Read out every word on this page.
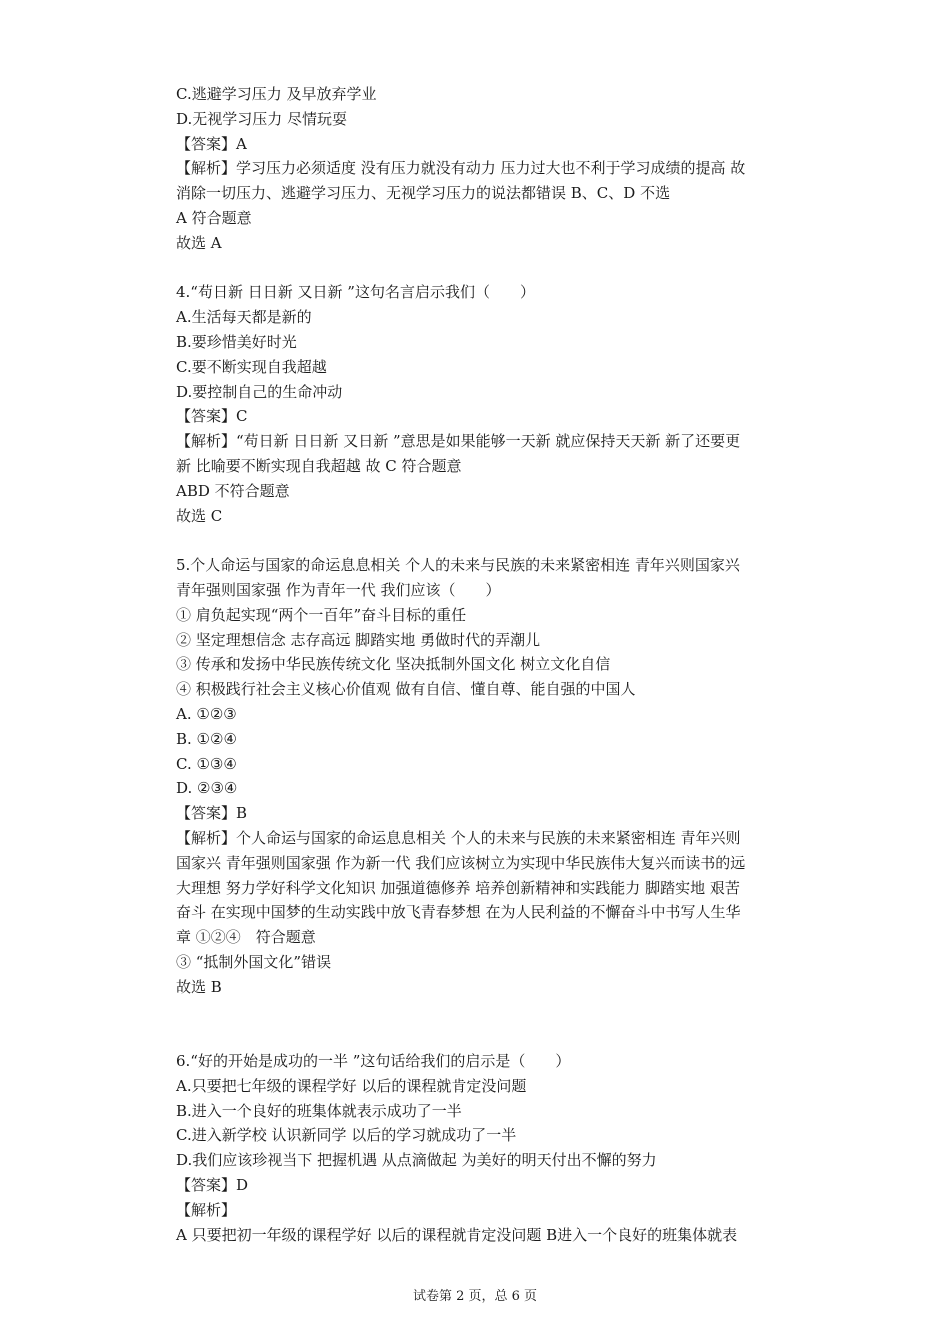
C.逃避学习压力 及早放弃学业

D.无视学习压力 尽情玩耍

【答案】A

【解析】学习压力必须适度 没有压力就没有动力 压力过大也不利于学习成绩的提高 故

消除一切压力、逃避学习压力、无视学习压力的说法都错误 B、C、D 不选

A 符合题意

故选 A

4.“苟日新 日日新 又日新 ”这句名言启示我们（　　）

A.生活每天都是新的

B.要珍惜美好时光

C.要不断实现自我超越

D.要控制自己的生命冲动

【答案】C

【解析】“苟日新 日日新 又日新 ”意思是如果能够一天新 就应保持天天新 新了还要更

新 比喻要不断实现自我超越 故 C 符合题意

ABD 不符合题意

故选 C

5.个人命运与国家的命运息息相关 个人的未来与民族的未来紧密相连 青年兴则国家兴

青年强则国家强 作为青年一代 我们应该（　　）

① 肩负起实现“两个一百年”奋斗目标的重任

② 坚定理想信念 志存高远 脚踏实地 勇做时代的弄潮儿

③ 传承和发扬中华民族传统文化 坚决抵制外国文化 树立文化自信

④ 积极践行社会主义核心价值观 做有自信、懂自尊、能自强的中国人

A. ①②③

B. ①②④

C. ①③④

D. ②③④

【答案】B

【解析】个人命运与国家的命运息息相关 个人的未来与民族的未来紧密相连 青年兴则

国家兴 青年强则国家强 作为新一代 我们应该树立为实现中华民族伟大复兴而读书的远

大理想 努力学好科学文化知识 加强道德修养 培养创新精神和实践能力 脚踏实地 艰苦

奋斗 在实现中国梦的生动实践中放飞青春梦想 在为人民利益的不懈奋斗中书写人生华

章 ①②④　符合题意

③ “抵制外国文化”错误

故选 B

6.“好的开始是成功的一半 ”这句话给我们的启示是（　　）

A.只要把七年级的课程学好 以后的课程就肯定没问题

B.进入一个良好的班集体就表示成功了一半

C.进入新学校 认识新同学 以后的学习就成功了一半

D.我们应该珍视当下 把握机遇 从点滴做起 为美好的明天付出不懈的努力

【答案】D

【解析】

A 只要把初一年级的课程学好 以后的课程就肯定没问题 B进入一个良好的班集体就表

试卷第 2 页，总 6 页
